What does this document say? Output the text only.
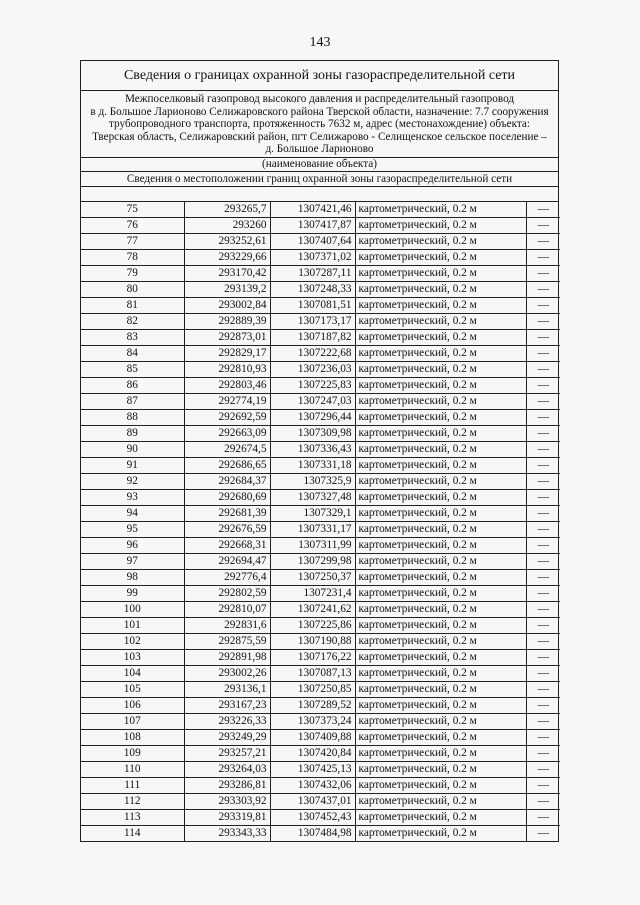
143
Сведения о границах охранной зоны газораспределительной сети
Межпоселковый газопровод высокого давления и распределительный газопровод
в д. Большое Ларионово Селижаровского района Тверской области, назначение: 7.7 сооружения
трубопроводного транспорта, протяженность 7632 м, адрес (местонахождение) объекта:
Тверская область, Селижаровский район, пгт Селижарово - Селищенское сельское поселение –
д. Большое Ларионово
(наименование объекта)
Сведения о местоположении границ охранной зоны газораспределительной сети
75	293265,7	1307421,46	картометрический, 0.2 м	—
76	293260	1307417,87	картометрический, 0.2 м	—
77	293252,61	1307407,64	картометрический, 0.2 м	—
78	293229,66	1307371,02	картометрический, 0.2 м	—
79	293170,42	1307287,11	картометрический, 0.2 м	—
80	293139,2	1307248,33	картометрический, 0.2 м	—
81	293002,84	1307081,51	картометрический, 0.2 м	—
82	292889,39	1307173,17	картометрический, 0.2 м	—
83	292873,01	1307187,82	картометрический, 0.2 м	—
84	292829,17	1307222,68	картометрический, 0.2 м	—
85	292810,93	1307236,03	картометрический, 0.2 м	—
86	292803,46	1307225,83	картометрический, 0.2 м	—
87	292774,19	1307247,03	картометрический, 0.2 м	—
88	292692,59	1307296,44	картометрический, 0.2 м	—
89	292663,09	1307309,98	картометрический, 0.2 м	—
90	292674,5	1307336,43	картометрический, 0.2 м	—
91	292686,65	1307331,18	картометрический, 0.2 м	—
92	292684,37	1307325,9	картометрический, 0.2 м	—
93	292680,69	1307327,48	картометрический, 0.2 м	—
94	292681,39	1307329,1	картометрический, 0.2 м	—
95	292676,59	1307331,17	картометрический, 0.2 м	—
96	292668,31	1307311,99	картометрический, 0.2 м	—
97	292694,47	1307299,98	картометрический, 0.2 м	—
98	292776,4	1307250,37	картометрический, 0.2 м	—
99	292802,59	1307231,4	картометрический, 0.2 м	—
100	292810,07	1307241,62	картометрический, 0.2 м	—
101	292831,6	1307225,86	картометрический, 0.2 м	—
102	292875,59	1307190,88	картометрический, 0.2 м	—
103	292891,98	1307176,22	картометрический, 0.2 м	—
104	293002,26	1307087,13	картометрический, 0.2 м	—
105	293136,1	1307250,85	картометрический, 0.2 м	—
106	293167,23	1307289,52	картометрический, 0.2 м	—
107	293226,33	1307373,24	картометрический, 0.2 м	—
108	293249,29	1307409,88	картометрический, 0.2 м	—
109	293257,21	1307420,84	картометрический, 0.2 м	—
110	293264,03	1307425,13	картометрический, 0.2 м	—
111	293286,81	1307432,06	картометрический, 0.2 м	—
112	293303,92	1307437,01	картометрический, 0.2 м	—
113	293319,81	1307452,43	картометрический, 0.2 м	—
114	293343,33	1307484,98	картометрический, 0.2 м	—
